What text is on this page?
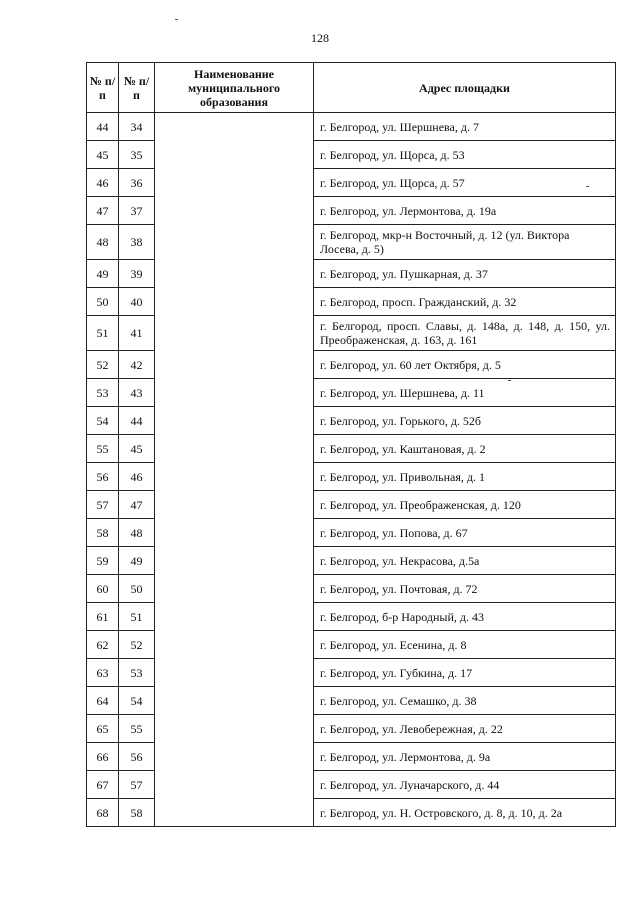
128
№ п/п	№ п/п	Наименование муниципального образования	Адрес площадки
44	34		г. Белгород, ул. Шершнева, д. 7
45	35		г. Белгород, ул. Щорса, д. 53
46	36		г. Белгород, ул. Щорса, д. 57
47	37		г. Белгород, ул. Лермонтова, д. 19а
48	38		г. Белгород, мкр-н Восточный, д. 12 (ул. Виктора Лосева, д. 5)
49	39		г. Белгород, ул. Пушкарная, д. 37
50	40		г. Белгород, просп. Гражданский, д. 32
51	41		г. Белгород, просп. Славы, д. 148а, д. 148, д. 150, ул. Преображенская, д. 163, д. 161
52	42		г. Белгород, ул. 60 лет Октября, д. 5
53	43		г. Белгород, ул. Шершнева, д. 11
54	44		г. Белгород, ул. Горького, д. 52б
55	45		г. Белгород, ул. Каштановая, д. 2
56	46		г. Белгород, ул. Привольная, д. 1
57	47		г. Белгород, ул. Преображенская, д. 120
58	48		г. Белгород, ул. Попова, д. 67
59	49		г. Белгород, ул. Некрасова, д.5а
60	50		г. Белгород, ул. Почтовая, д. 72
61	51		г. Белгород, б-р Народный, д. 43
62	52		г. Белгород, ул. Есенина, д. 8
63	53		г. Белгород, ул. Губкина, д. 17
64	54		г. Белгород, ул. Семашко, д. 38
65	55		г. Белгород, ул. Левобережная, д. 22
66	56		г. Белгород, ул. Лермонтова, д. 9а
67	57		г. Белгород, ул. Луначарского, д. 44
68	58		г. Белгород, ул. Н. Островского, д. 8, д. 10, д. 2а
